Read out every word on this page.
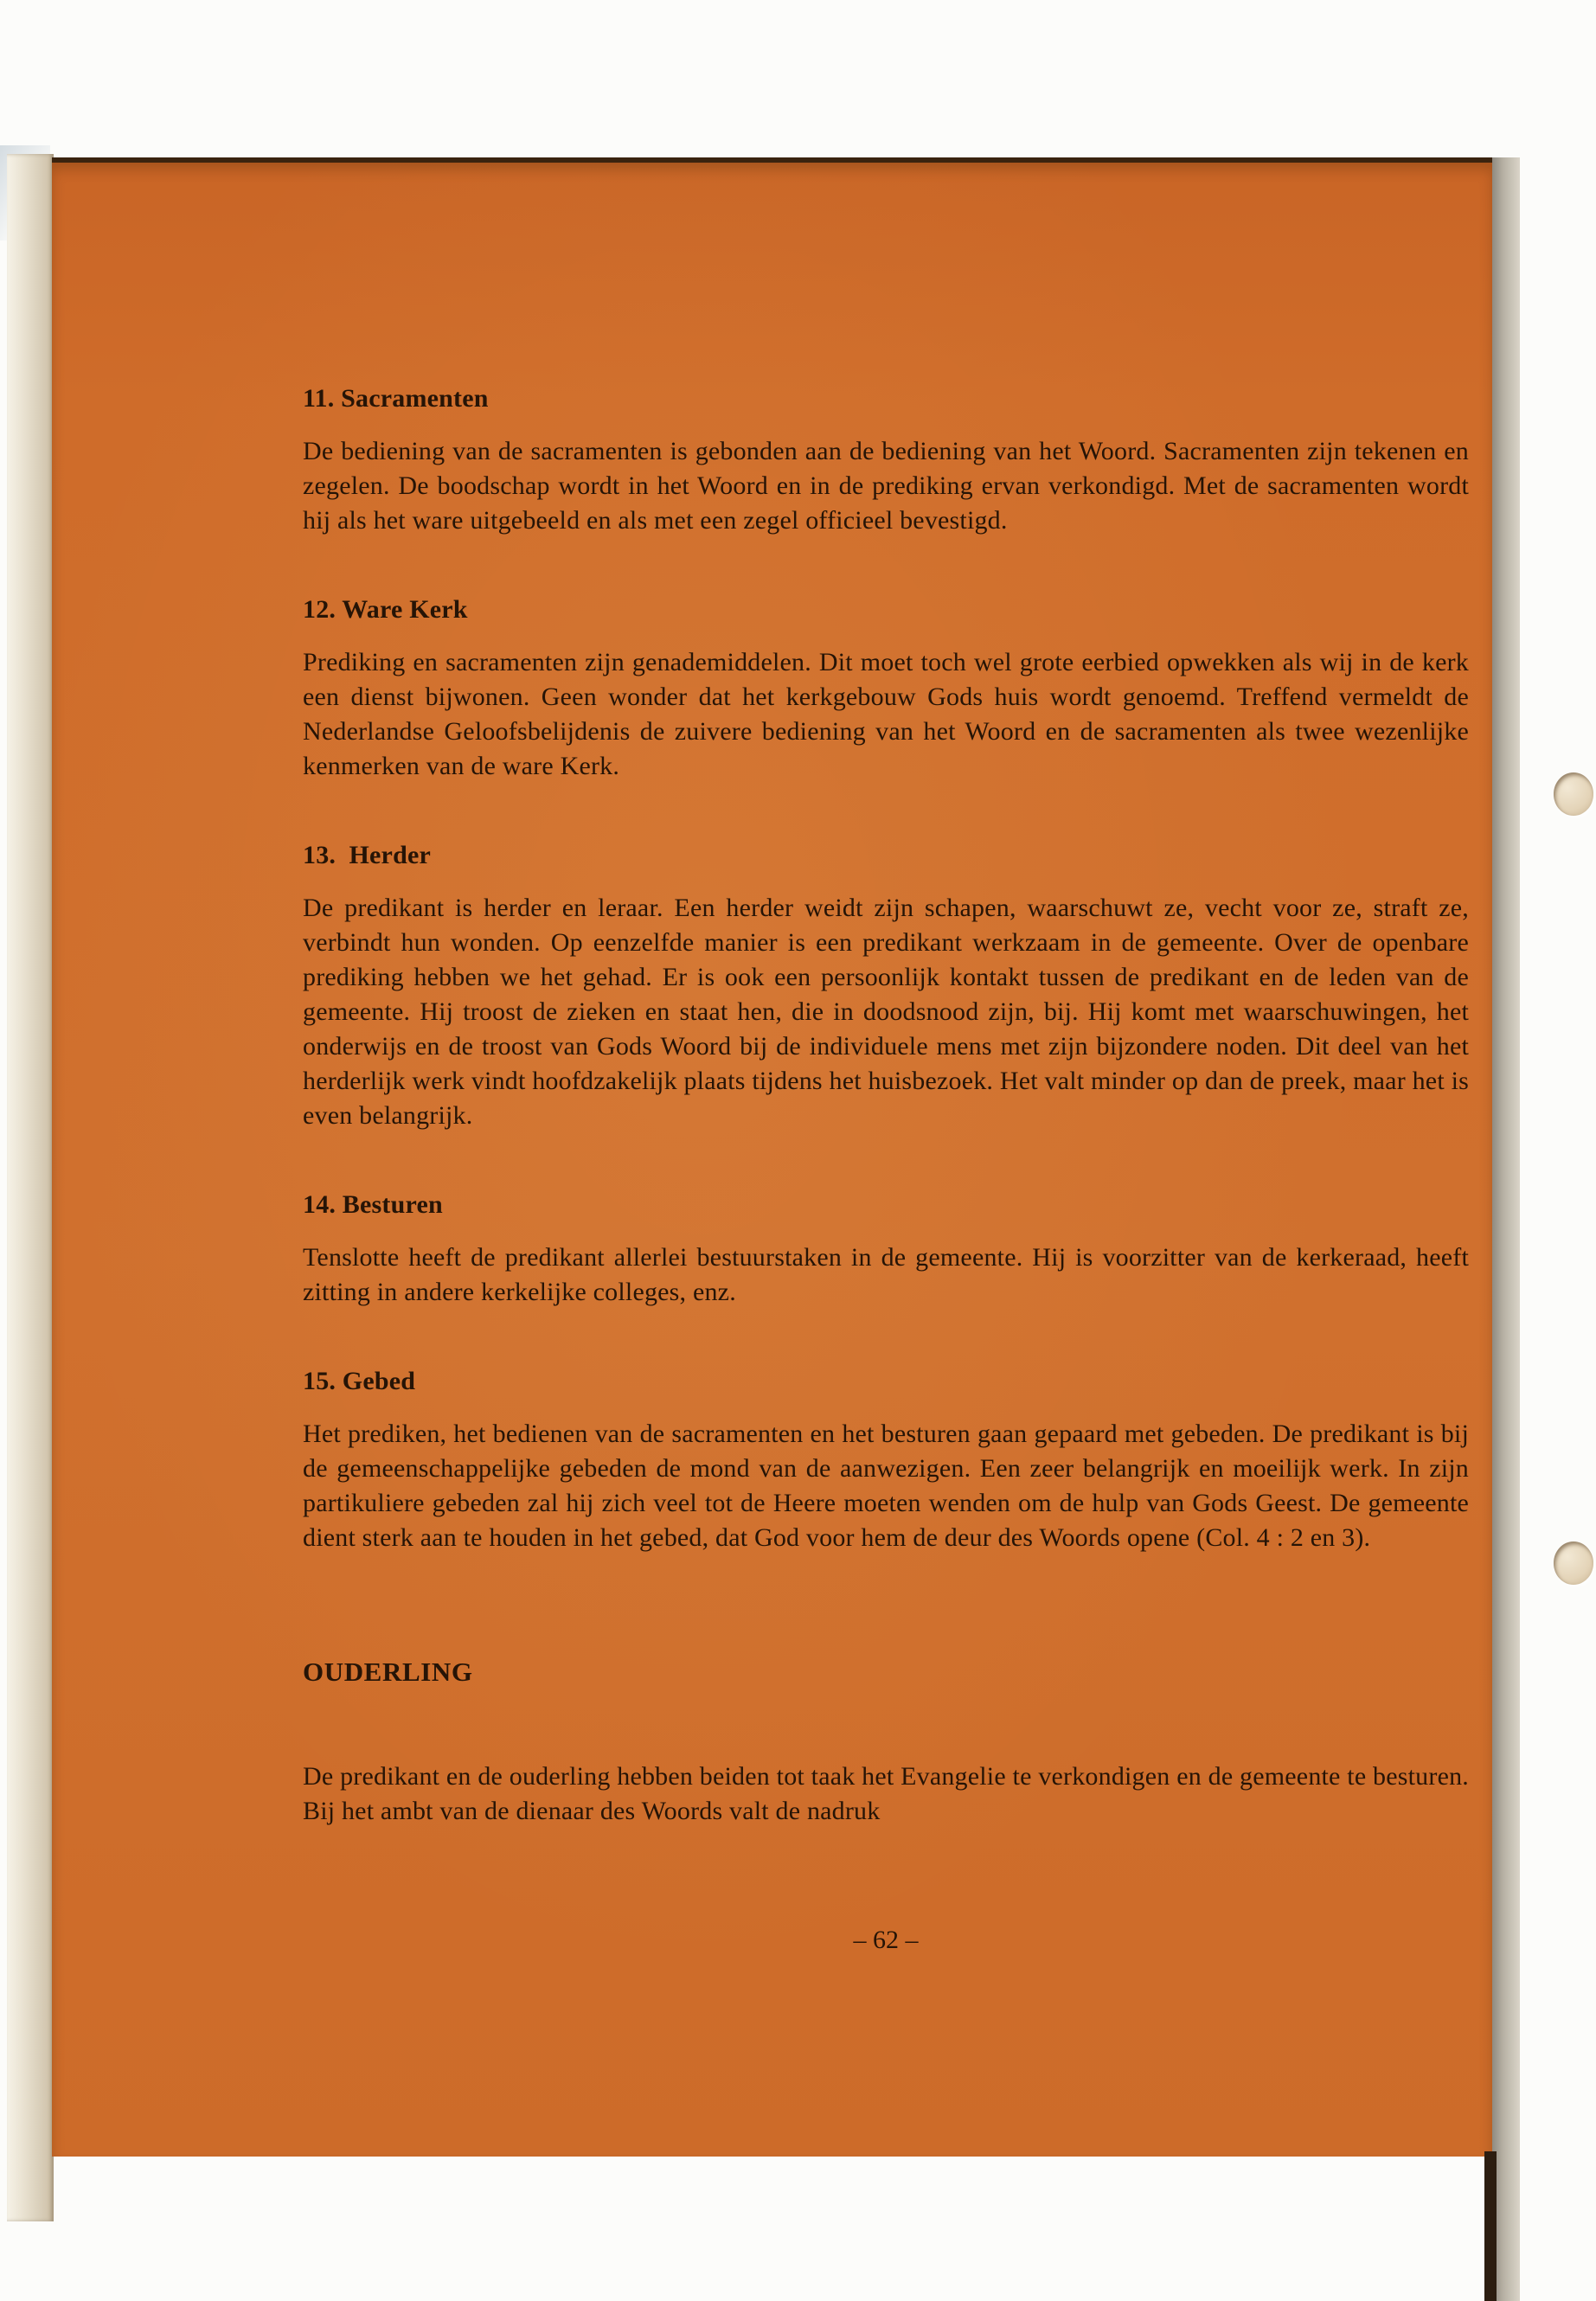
11. Sacramenten

De bediening van de sacramenten is gebonden aan de bediening van het Woord. Sacramenten zijn tekenen en zegelen. De boodschap wordt in het Woord en in de prediking ervan verkondigd. Met de sacramenten wordt hij als het ware uitgebeeld en als met een zegel officieel bevestigd.

12. Ware Kerk

Prediking en sacramenten zijn genademiddelen. Dit moet toch wel grote eerbied opwekken als wij in de kerk een dienst bijwonen. Geen wonder dat het kerkgebouw Gods huis wordt genoemd. Treffend vermeldt de Nederlandse Geloofsbelijdenis de zuivere bediening van het Woord en de sacramenten als twee wezenlijke kenmerken van de ware Kerk.

13.  Herder

De predikant is herder en leraar. Een herder weidt zijn schapen, waarschuwt ze, vecht voor ze, straft ze, verbindt hun wonden. Op eenzelfde manier is een predikant werkzaam in de gemeente. Over de openbare prediking hebben we het gehad. Er is ook een persoonlijk kontakt tussen de predikant en de leden van de gemeente. Hij troost de zieken en staat hen, die in doodsnood zijn, bij. Hij komt met waarschuwingen, het onderwijs en de troost van Gods Woord bij de individuele mens met zijn bijzondere noden. Dit deel van het herderlijk werk vindt hoofdzakelijk plaats tijdens het huisbezoek. Het valt minder op dan de preek, maar het is even belangrijk.

14. Besturen

Tenslotte heeft de predikant allerlei bestuurstaken in de gemeente. Hij is voorzitter van de kerkeraad, heeft zitting in andere kerkelijke colleges, enz.

15. Gebed

Het prediken, het bedienen van de sacramenten en het besturen gaan gepaard met gebeden. De predikant is bij de gemeenschappelijke gebeden de mond van de aanwezigen. Een zeer belangrijk en moeilijk werk. In zijn partikuliere gebeden zal hij zich veel tot de Heere moeten wenden om de hulp van Gods Geest. De gemeente dient sterk aan te houden in het gebed, dat God voor hem de deur des Woords opene (Col. 4 : 2 en 3).

OUDERLING

De predikant en de ouderling hebben beiden tot taak het Evangelie te verkondigen en de gemeente te besturen. Bij het ambt van de dienaar des Woords valt de nadruk

– 62 –
